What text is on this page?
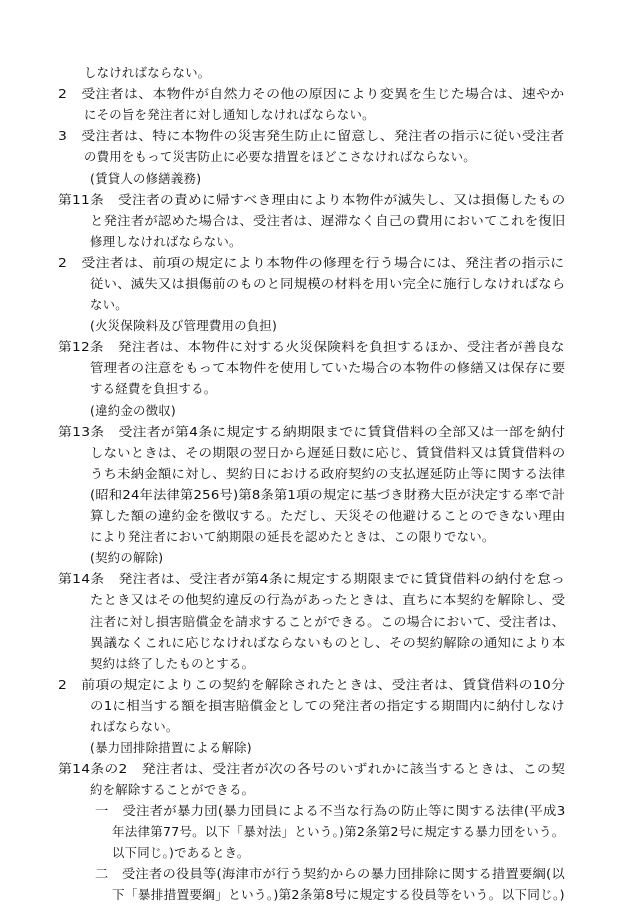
しなければならない。
2　受注者は、本物件が自然力その他の原因により変異を生じた場合は、速やか
にその旨を発注者に対し通知しなければならない。
3　受注者は、特に本物件の災害発生防止に留意し、発注者の指示に従い受注者
の費用をもって災害防止に必要な措置をほどこさなければならない。
(賃貸人の修繕義務)
第11条　受注者の責めに帰すべき理由により本物件が滅失し、又は損傷したもの
と発注者が認めた場合は、受注者は、遅滞なく自己の費用においてこれを復旧
修理しなければならない。
2　受注者は、前項の規定により本物件の修理を行う場合には、発注者の指示に
従い、滅失又は損傷前のものと同規模の材料を用い完全に施行しなければなら
ない。
(火災保険料及び管理費用の負担)
第12条　発注者は、本物件に対する火災保険料を負担するほか、受注者が善良な
管理者の注意をもって本物件を使用していた場合の本物件の修繕又は保存に要
する経費を負担する。
(違約金の徴収)
第13条　受注者が第4条に規定する納期限までに賃貸借料の全部又は一部を納付
しないときは、その期限の翌日から遅延日数に応じ、賃貸借料又は賃貸借料の
うち未納金額に対し、契約日における政府契約の支払遅延防止等に関する法律
(昭和24年法律第256号)第8条第1項の規定に基づき財務大臣が決定する率で計
算した額の違約金を徴収する。ただし、天災その他避けることのできない理由
により発注者において納期限の延長を認めたときは、この限りでない。
(契約の解除)
第14条　発注者は、受注者が第4条に規定する期限までに賃貸借料の納付を怠っ
たとき又はその他契約違反の行為があったときは、直ちに本契約を解除し、受
注者に対し損害賠償金を請求することができる。この場合において、受注者は、
異議なくこれに応じなければならないものとし、その契約解除の通知により本
契約は終了したものとする。
2　前項の規定によりこの契約を解除されたときは、受注者は、賃貸借料の10分
の1に相当する額を損害賠償金としての発注者の指定する期間内に納付しなけ
ればならない。
(暴力団排除措置による解除)
第14条の2　発注者は、受注者が次の各号のいずれかに該当するときは、この契
約を解除することができる。
一　受注者が暴力団(暴力団員による不当な行為の防止等に関する法律(平成3
年法律第77号。以下「暴対法」という。)第2条第2号に規定する暴力団をいう。
以下同じ。)であるとき。
二　受注者の役員等(海津市が行う契約からの暴力団排除に関する措置要綱(以
下「暴排措置要綱」という。)第2条第8号に規定する役員等をいう。以下同じ。)
